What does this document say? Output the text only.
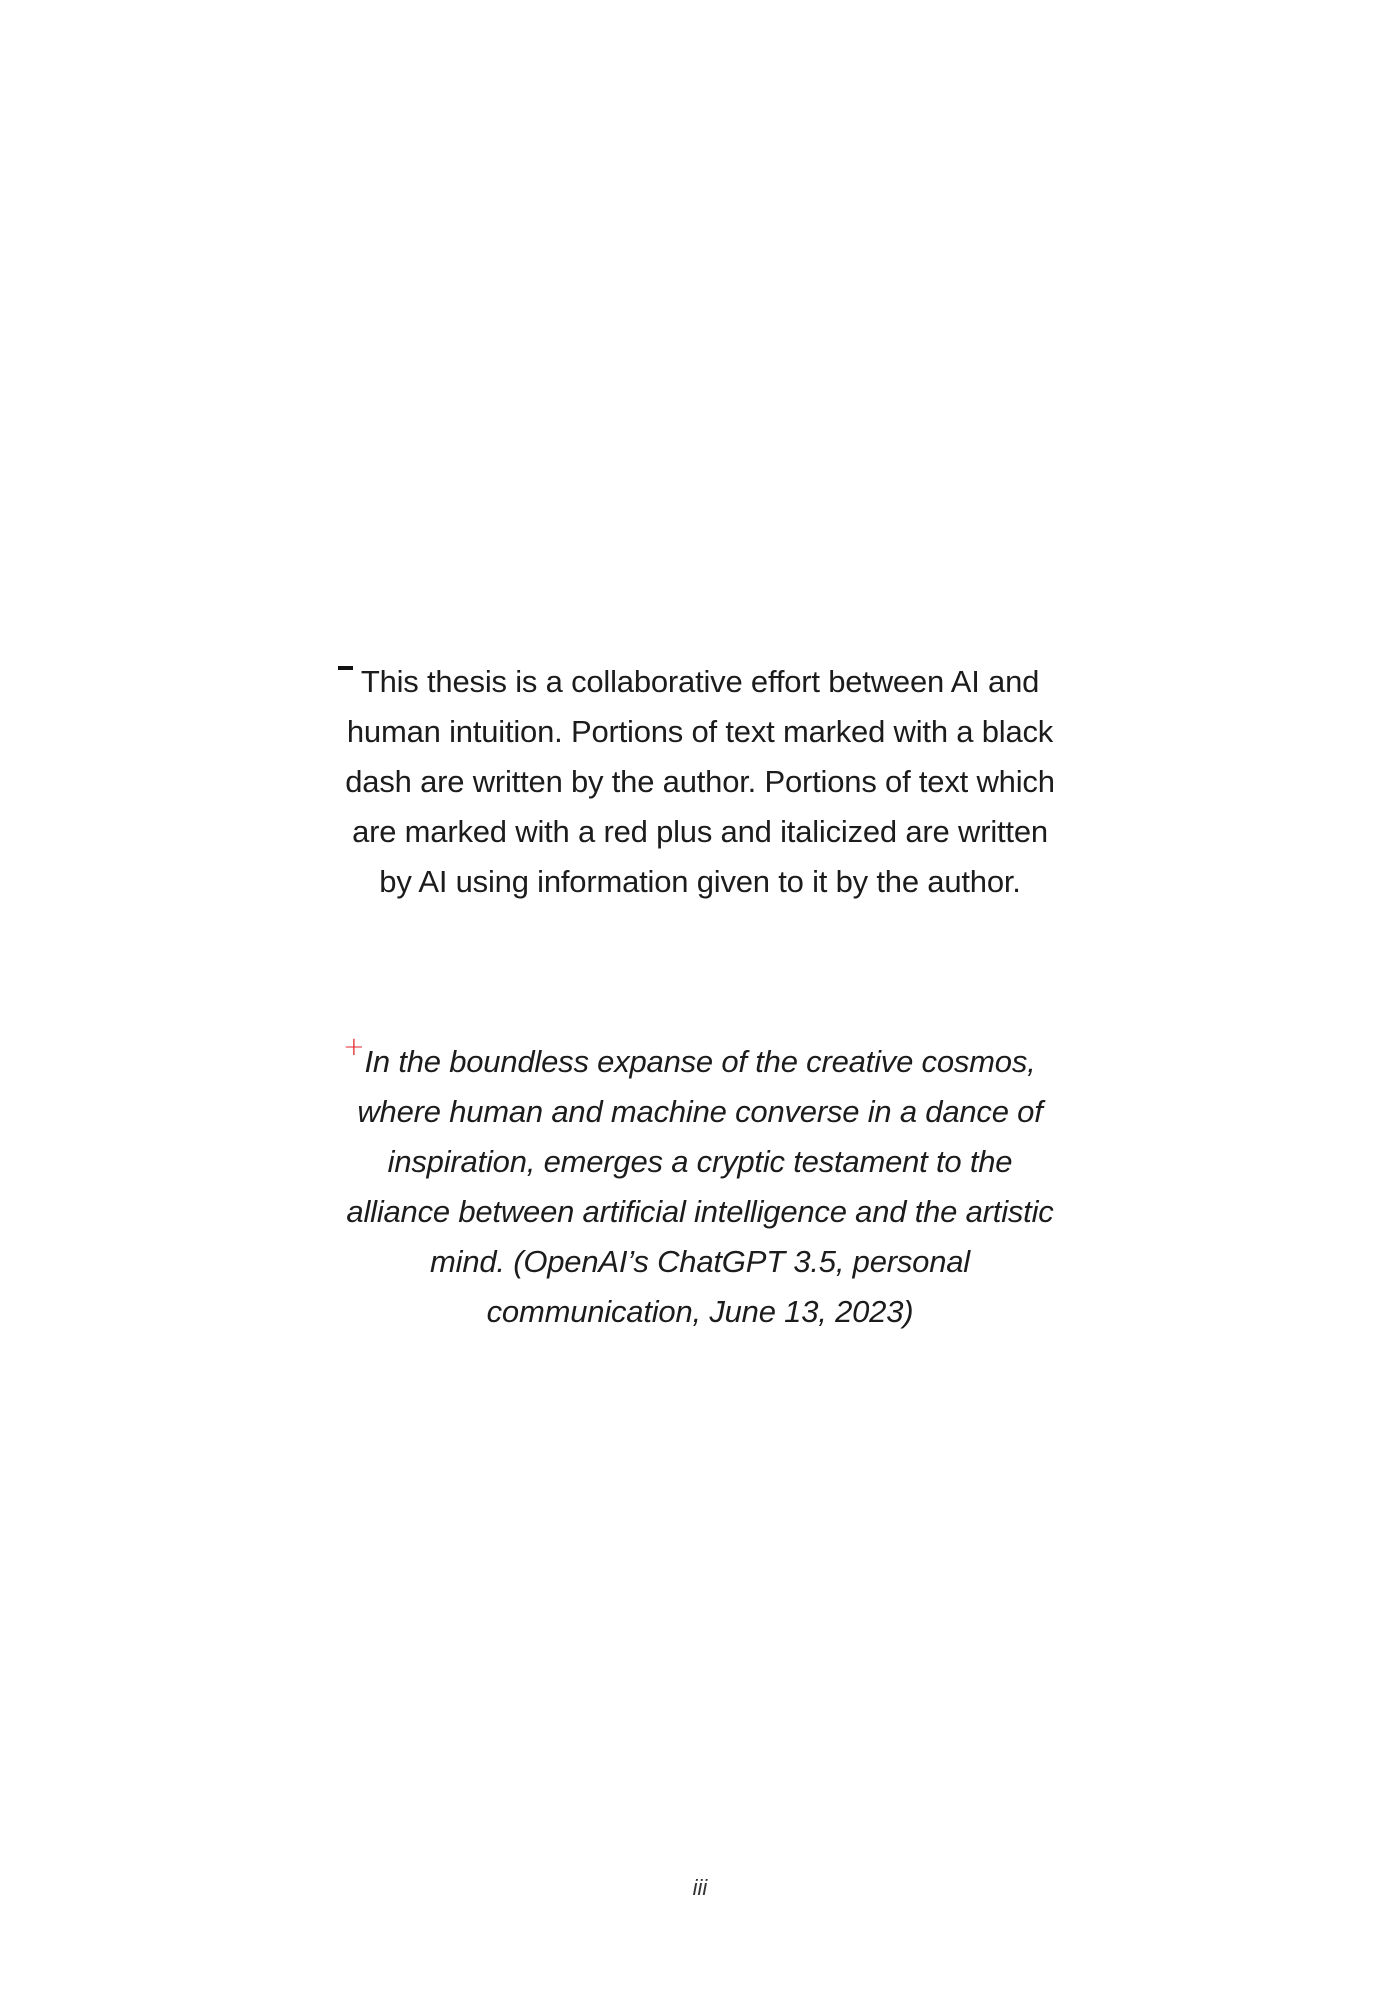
This thesis is a collaborative effort between AI and human intuition. Portions of text marked with a black dash are written by the author. Portions of text which are marked with a red plus and italicized are written by AI using information given to it by the author.

+ In the boundless expanse of the creative cosmos, where human and machine converse in a dance of inspiration, emerges a cryptic testament to the alliance between artificial intelligence and the artistic mind. (OpenAI’s ChatGPT 3.5, personal communication, June 13, 2023)

iii
